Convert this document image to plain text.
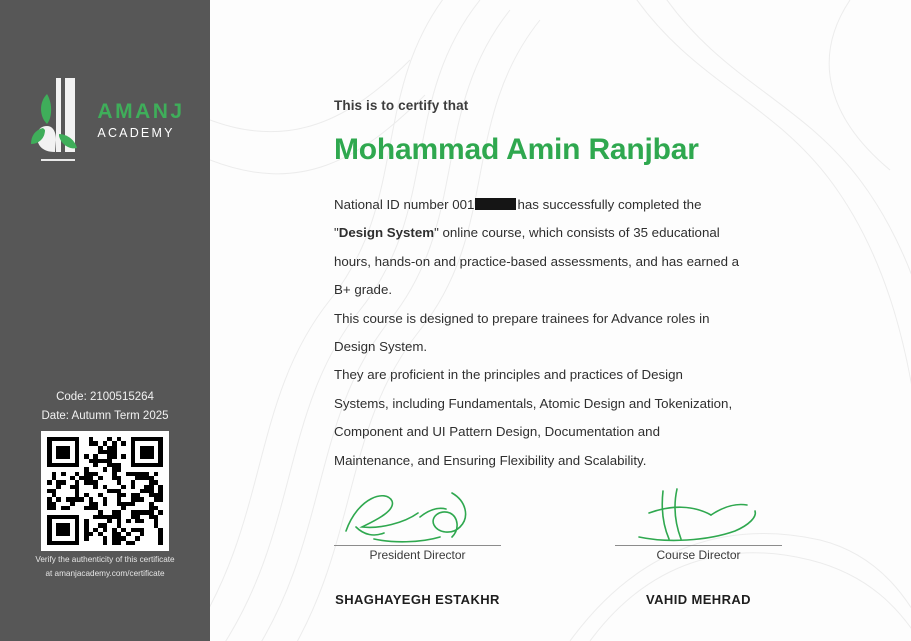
AMANJ
ACADEMY
Code: 2100515264
Date: Autumn Term 2025
Verify the authenticity of this certificate
at amanjacademy.com/certificate
This is to certify that
Mohammad Amin Ranjbar

National ID number 001	has successfully completed the

"Design System" online course, which consists of 35 educational

hours, hands-on and practice-based assessments, and has earned a

B+ grade.

This course is designed to prepare trainees for Advance roles in

Design System.

They are proficient in the principles and practices of Design

Systems, including Fundamentals, Atomic Design and Tokenization,

Component and UI Pattern Design, Documentation and

Maintenance, and Ensuring Flexibility and Scalability.

President Director
SHAGHAYEGH ESTAKHR
Course Director
VAHID MEHRAD
